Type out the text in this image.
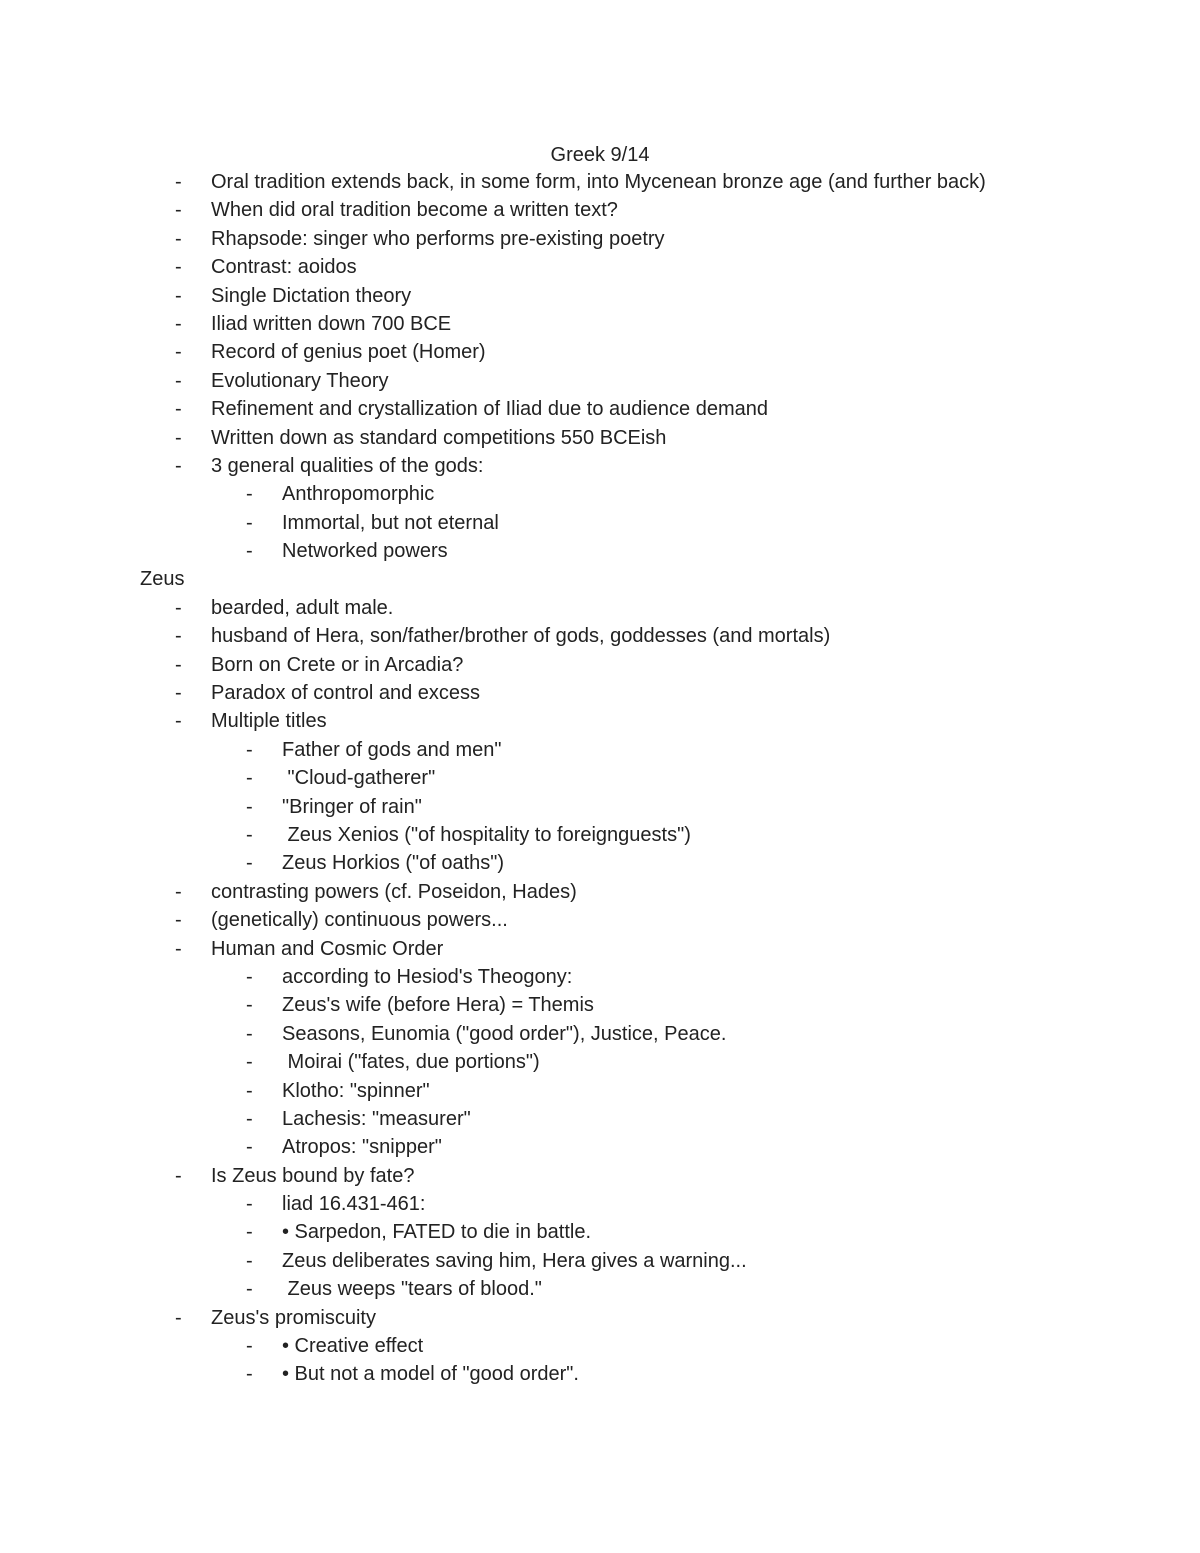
Greek 9/14
- Oral tradition extends back, in some form, into Mycenean bronze age (and further back)
- When did oral tradition become a written text?
- Rhapsode: singer who performs pre-existing poetry
- Contrast: aoidos
- Single Dictation theory
- Iliad written down 700 BCE
- Record of genius poet (Homer)
- Evolutionary Theory
- Refinement and crystallization of Iliad due to audience demand
- Written down as standard competitions 550 BCEish
- 3 general qualities of the gods:
- Anthropomorphic
- Immortal, but not eternal
- Networked powers
Zeus
- bearded, adult male.
- husband of Hera, son/father/brother of gods, goddesses (and mortals)
- Born on Crete or in Arcadia?
- Paradox of control and excess
- Multiple titles
- Father of gods and men"
- "Cloud-gatherer"
- "Bringer of rain"
- Zeus Xenios ("of hospitality to foreignguests")
- Zeus Horkios ("of oaths")
- contrasting powers (cf. Poseidon, Hades)
- (genetically) continuous powers...
- Human and Cosmic Order
- according to Hesiod's Theogony:
- Zeus's wife (before Hera) = Themis
- Seasons, Eunomia ("good order"), Justice, Peace.
- Moirai ("fates, due portions")
- Klotho: "spinner"
- Lachesis: "measurer"
- Atropos: "snipper"
- Is Zeus bound by fate?
- liad 16.431-461:
- • Sarpedon, FATED to die in battle.
- Zeus deliberates saving him, Hera gives a warning...
- Zeus weeps "tears of blood."
- Zeus's promiscuity
- • Creative effect
- • But not a model of "good order".
